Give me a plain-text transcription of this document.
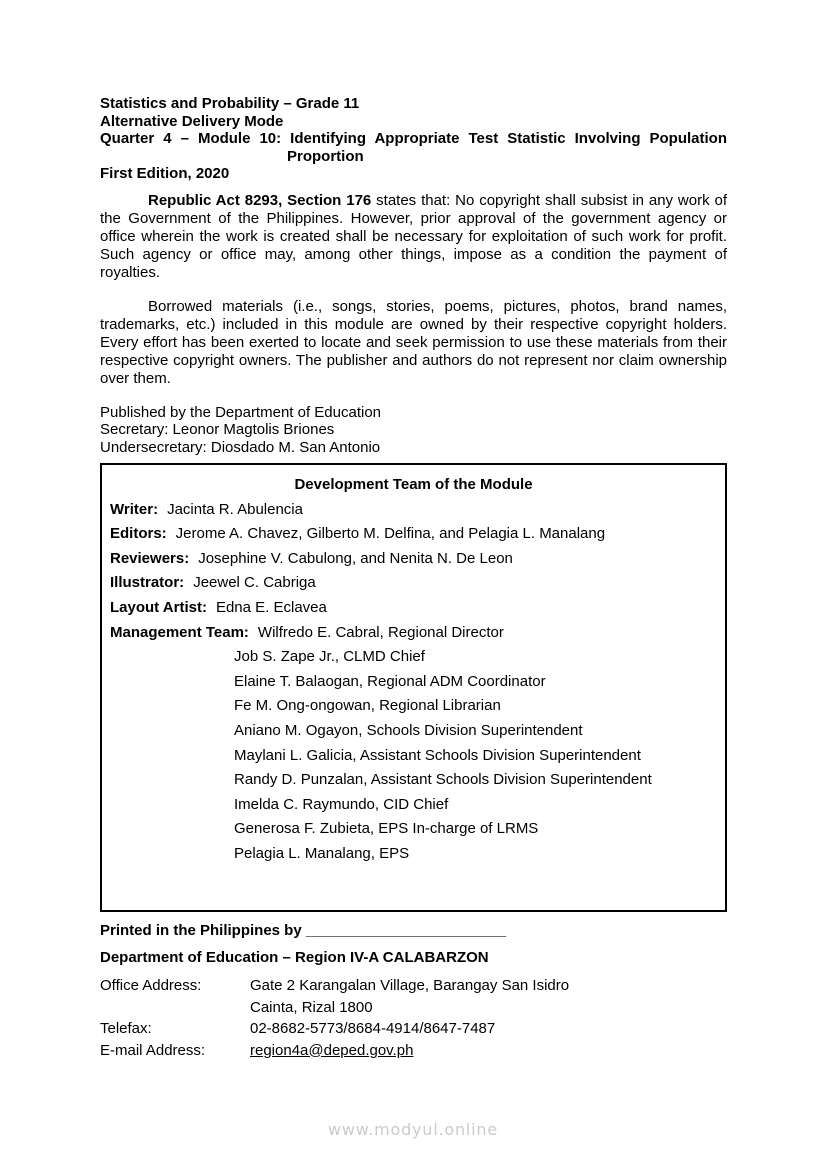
Statistics and Probability – Grade 11
Alternative Delivery Mode
Quarter 4 – Module 10: Identifying Appropriate Test Statistic Involving Population
Proportion
First Edition, 2020

Republic Act 8293, Section 176 states that: No copyright shall subsist in any work of the Government of the Philippines. However, prior approval of the government agency or office wherein the work is created shall be necessary for exploitation of such work for profit. Such agency or office may, among other things, impose as a condition the payment of royalties.

Borrowed materials (i.e., songs, stories, poems, pictures, photos, brand names, trademarks, etc.) included in this module are owned by their respective copyright holders. Every effort has been exerted to locate and seek permission to use these materials from their respective copyright owners. The publisher and authors do not represent nor claim ownership over them.

Published by the Department of Education
Secretary: Leonor Magtolis Briones
Undersecretary: Diosdado M. San Antonio
Development Team of the Module
Writer: Jacinta R. Abulencia
Editors: Jerome A. Chavez, Gilberto M. Delfina, and Pelagia L. Manalang
Reviewers: Josephine V. Cabulong, and Nenita N. De Leon
Illustrator: Jeewel C. Cabriga
Layout Artist: Edna E. Eclavea
Management Team: Wilfredo E. Cabral, Regional Director
Job S. Zape Jr., CLMD Chief
Elaine T. Balaogan, Regional ADM Coordinator
Fe M. Ong-ongowan, Regional Librarian
Aniano M. Ogayon, Schools Division Superintendent
Maylani L. Galicia, Assistant Schools Division Superintendent
Randy D. Punzalan, Assistant Schools Division Superintendent
Imelda C. Raymundo, CID Chief
Generosa F. Zubieta, EPS In-charge of LRMS
Pelagia L. Manalang, EPS
Printed in the Philippines by ________________________
Department of Education – Region IV-A CALABARZON
Office Address:	Gate 2 Karangalan Village, Barangay San Isidro
Cainta, Rizal 1800
Telefax:	02-8682-5773/8684-4914/8647-7487
E-mail Address:	region4a@deped.gov.ph
www.modyul.online
